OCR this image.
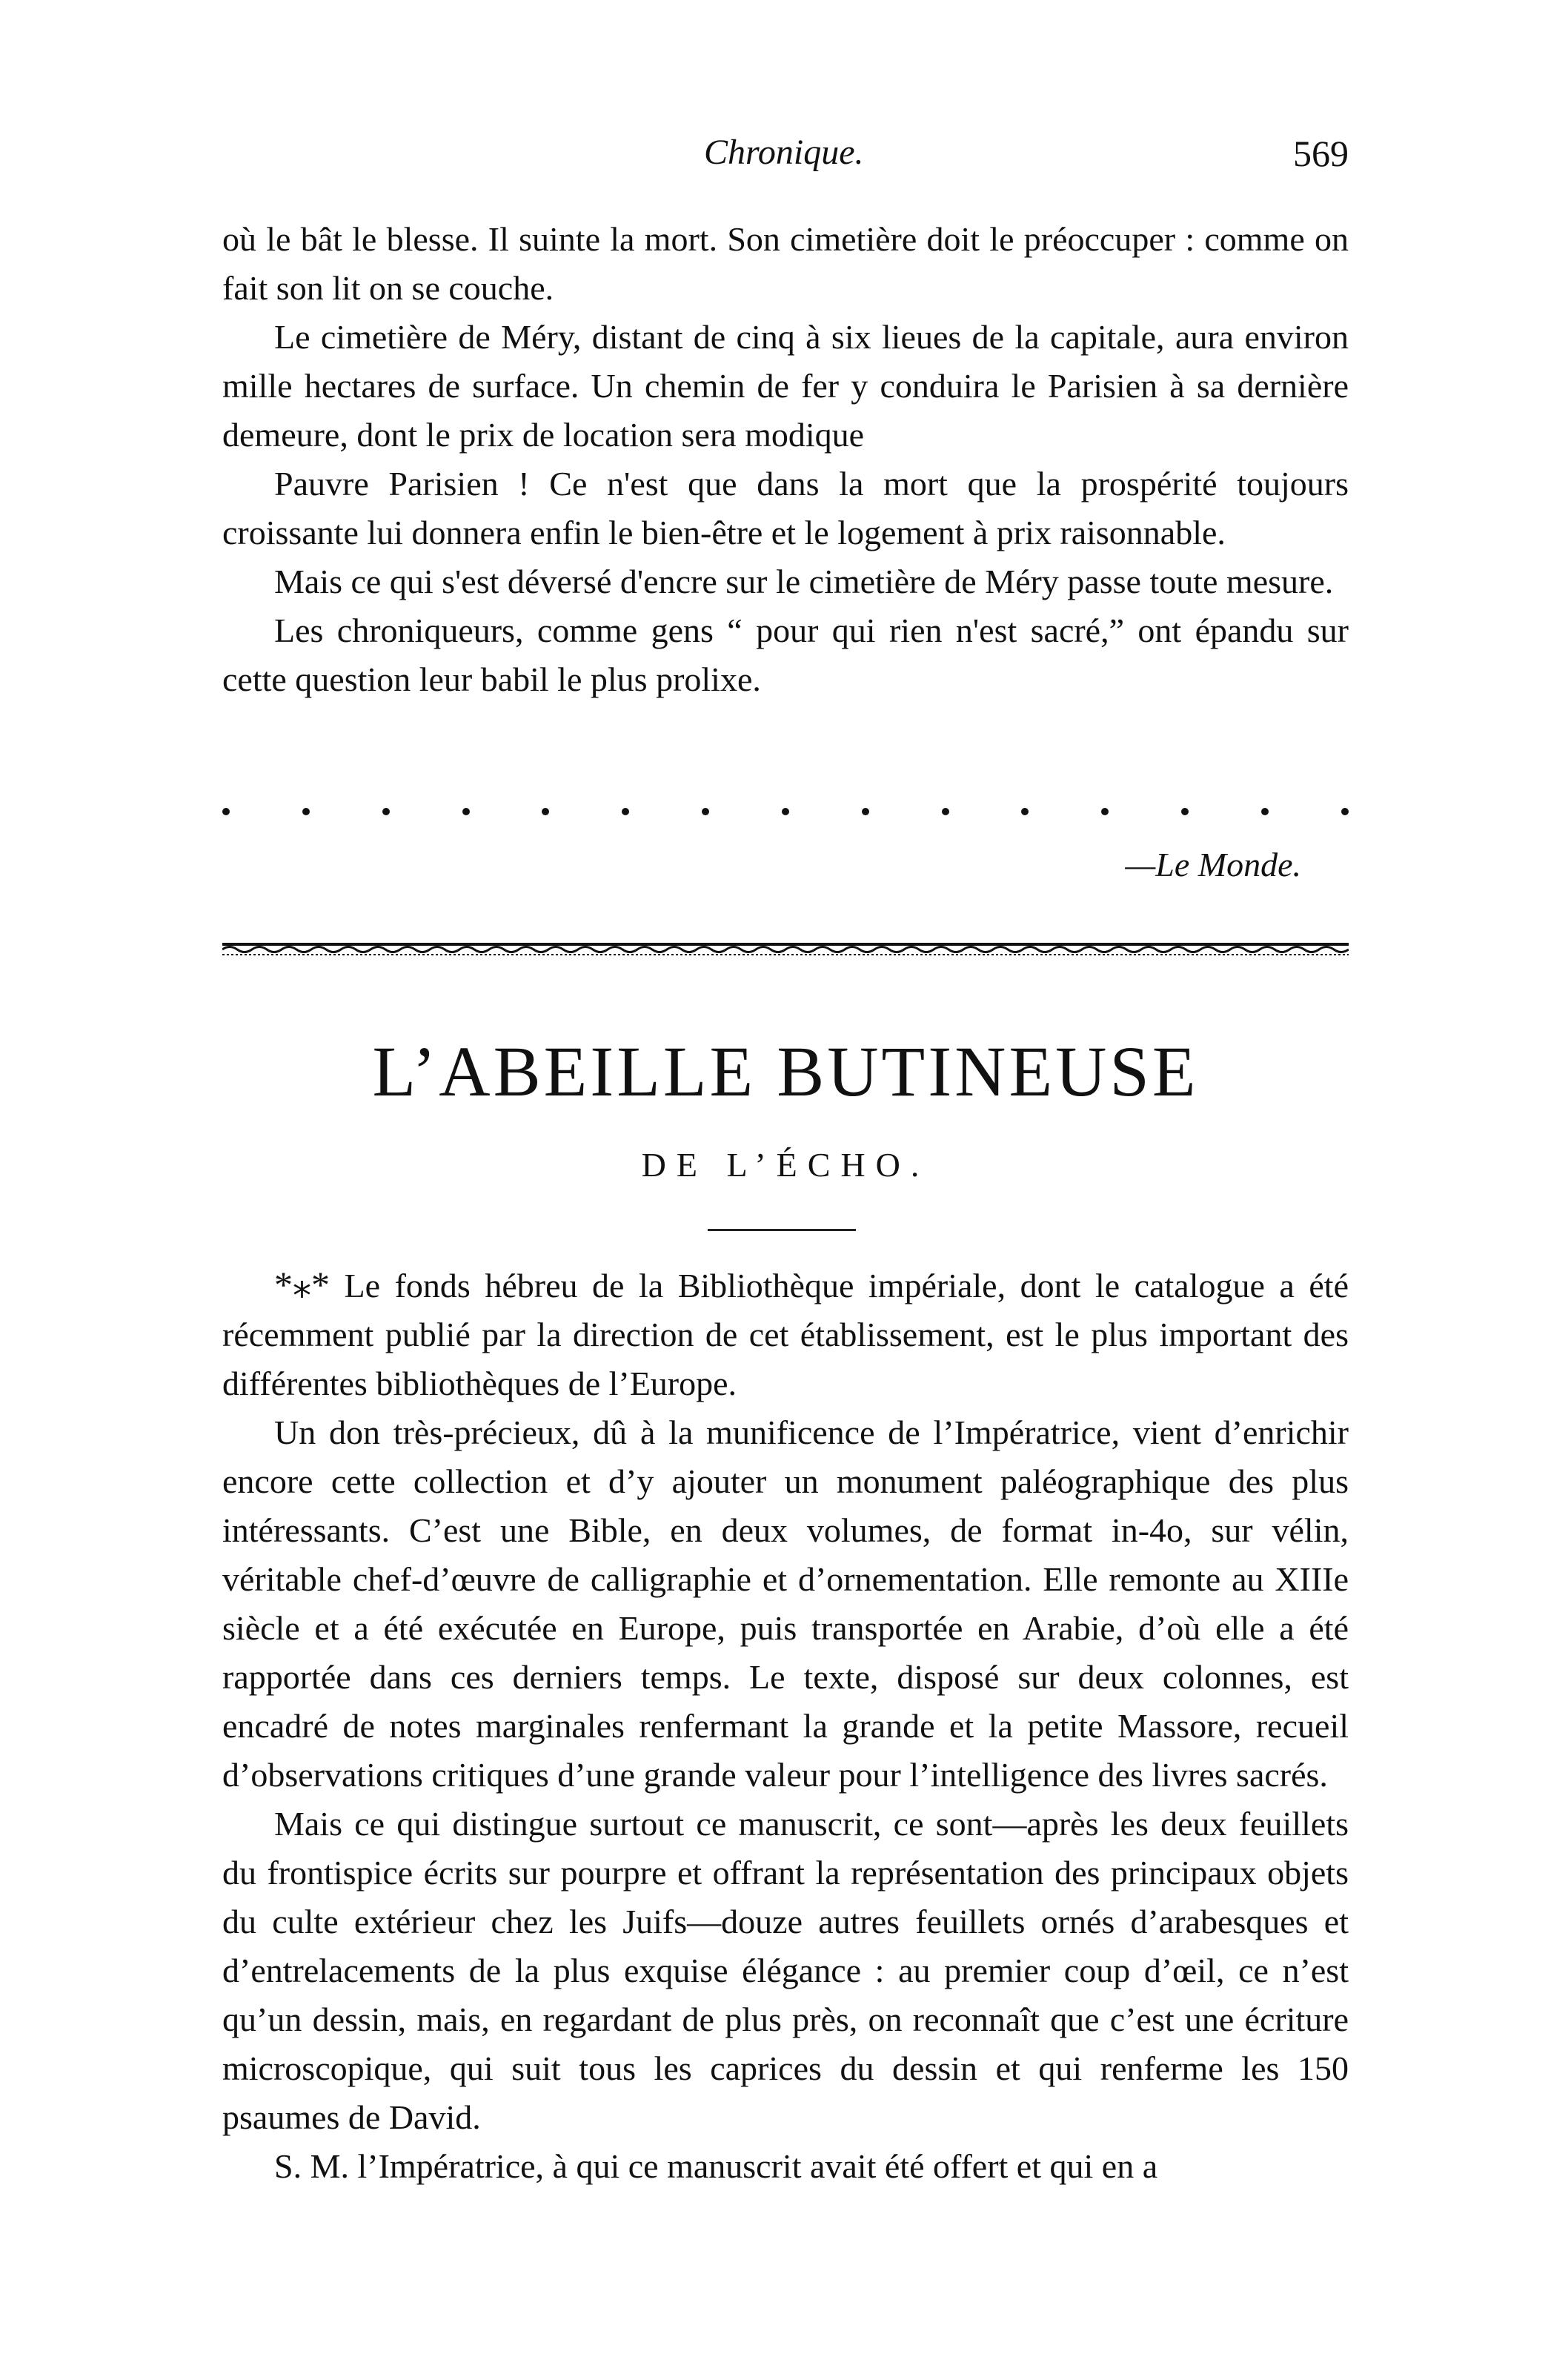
Chronique.	569

où le bât le blesse. Il suinte la mort. Son cimetière doit le préoccuper : comme on fait son lit on se couche.

Le cimetière de Méry, distant de cinq à six lieues de la capitale, aura environ mille hectares de surface. Un chemin de fer y conduira le Parisien à sa dernière demeure, dont le prix de location sera modique

Pauvre Parisien ! Ce n'est que dans la mort que la prospérité toujours croissante lui donnera enfin le bien-être et le logement à prix raisonnable.

Mais ce qui s'est déversé d'encre sur le cimetière de Méry passe toute mesure.

Les chroniqueurs, comme gens “ pour qui rien n'est sacré,” ont épandu sur cette question leur babil le plus prolixe.

—Le Monde.
L’ABEILLE BUTINEUSE
DE L’ÉCHO.

*⁎* Le fonds hébreu de la Bibliothèque impériale, dont le catalogue a été récemment publié par la direction de cet établissement, est le plus important des différentes bibliothèques de l’Europe.

Un don très-précieux, dû à la munificence de l’Impératrice, vient d’enrichir encore cette collection et d’y ajouter un monument paléographique des plus intéressants. C’est une Bible, en deux volumes, de format in-4o, sur vélin, véritable chef-d’œuvre de calligraphie et d’ornementation. Elle remonte au XIIIe siècle et a été exécutée en Europe, puis transportée en Arabie, d’où elle a été rapportée dans ces derniers temps. Le texte, disposé sur deux colonnes, est encadré de notes marginales renfermant la grande et la petite Massore, recueil d’observations critiques d’une grande valeur pour l’intelligence des livres sacrés.

Mais ce qui distingue surtout ce manuscrit, ce sont—après les deux feuillets du frontispice écrits sur pourpre et offrant la représentation des principaux objets du culte extérieur chez les Juifs—douze autres feuillets ornés d’arabesques et d’entrelacements de la plus exquise élégance : au premier coup d’œil, ce n’est qu’un dessin, mais, en regardant de plus près, on reconnaît que c’est une écriture microscopique, qui suit tous les caprices du dessin et qui renferme les 150 psaumes de David.

S. M. l’Impératrice, à qui ce manuscrit avait été offert et qui en a
